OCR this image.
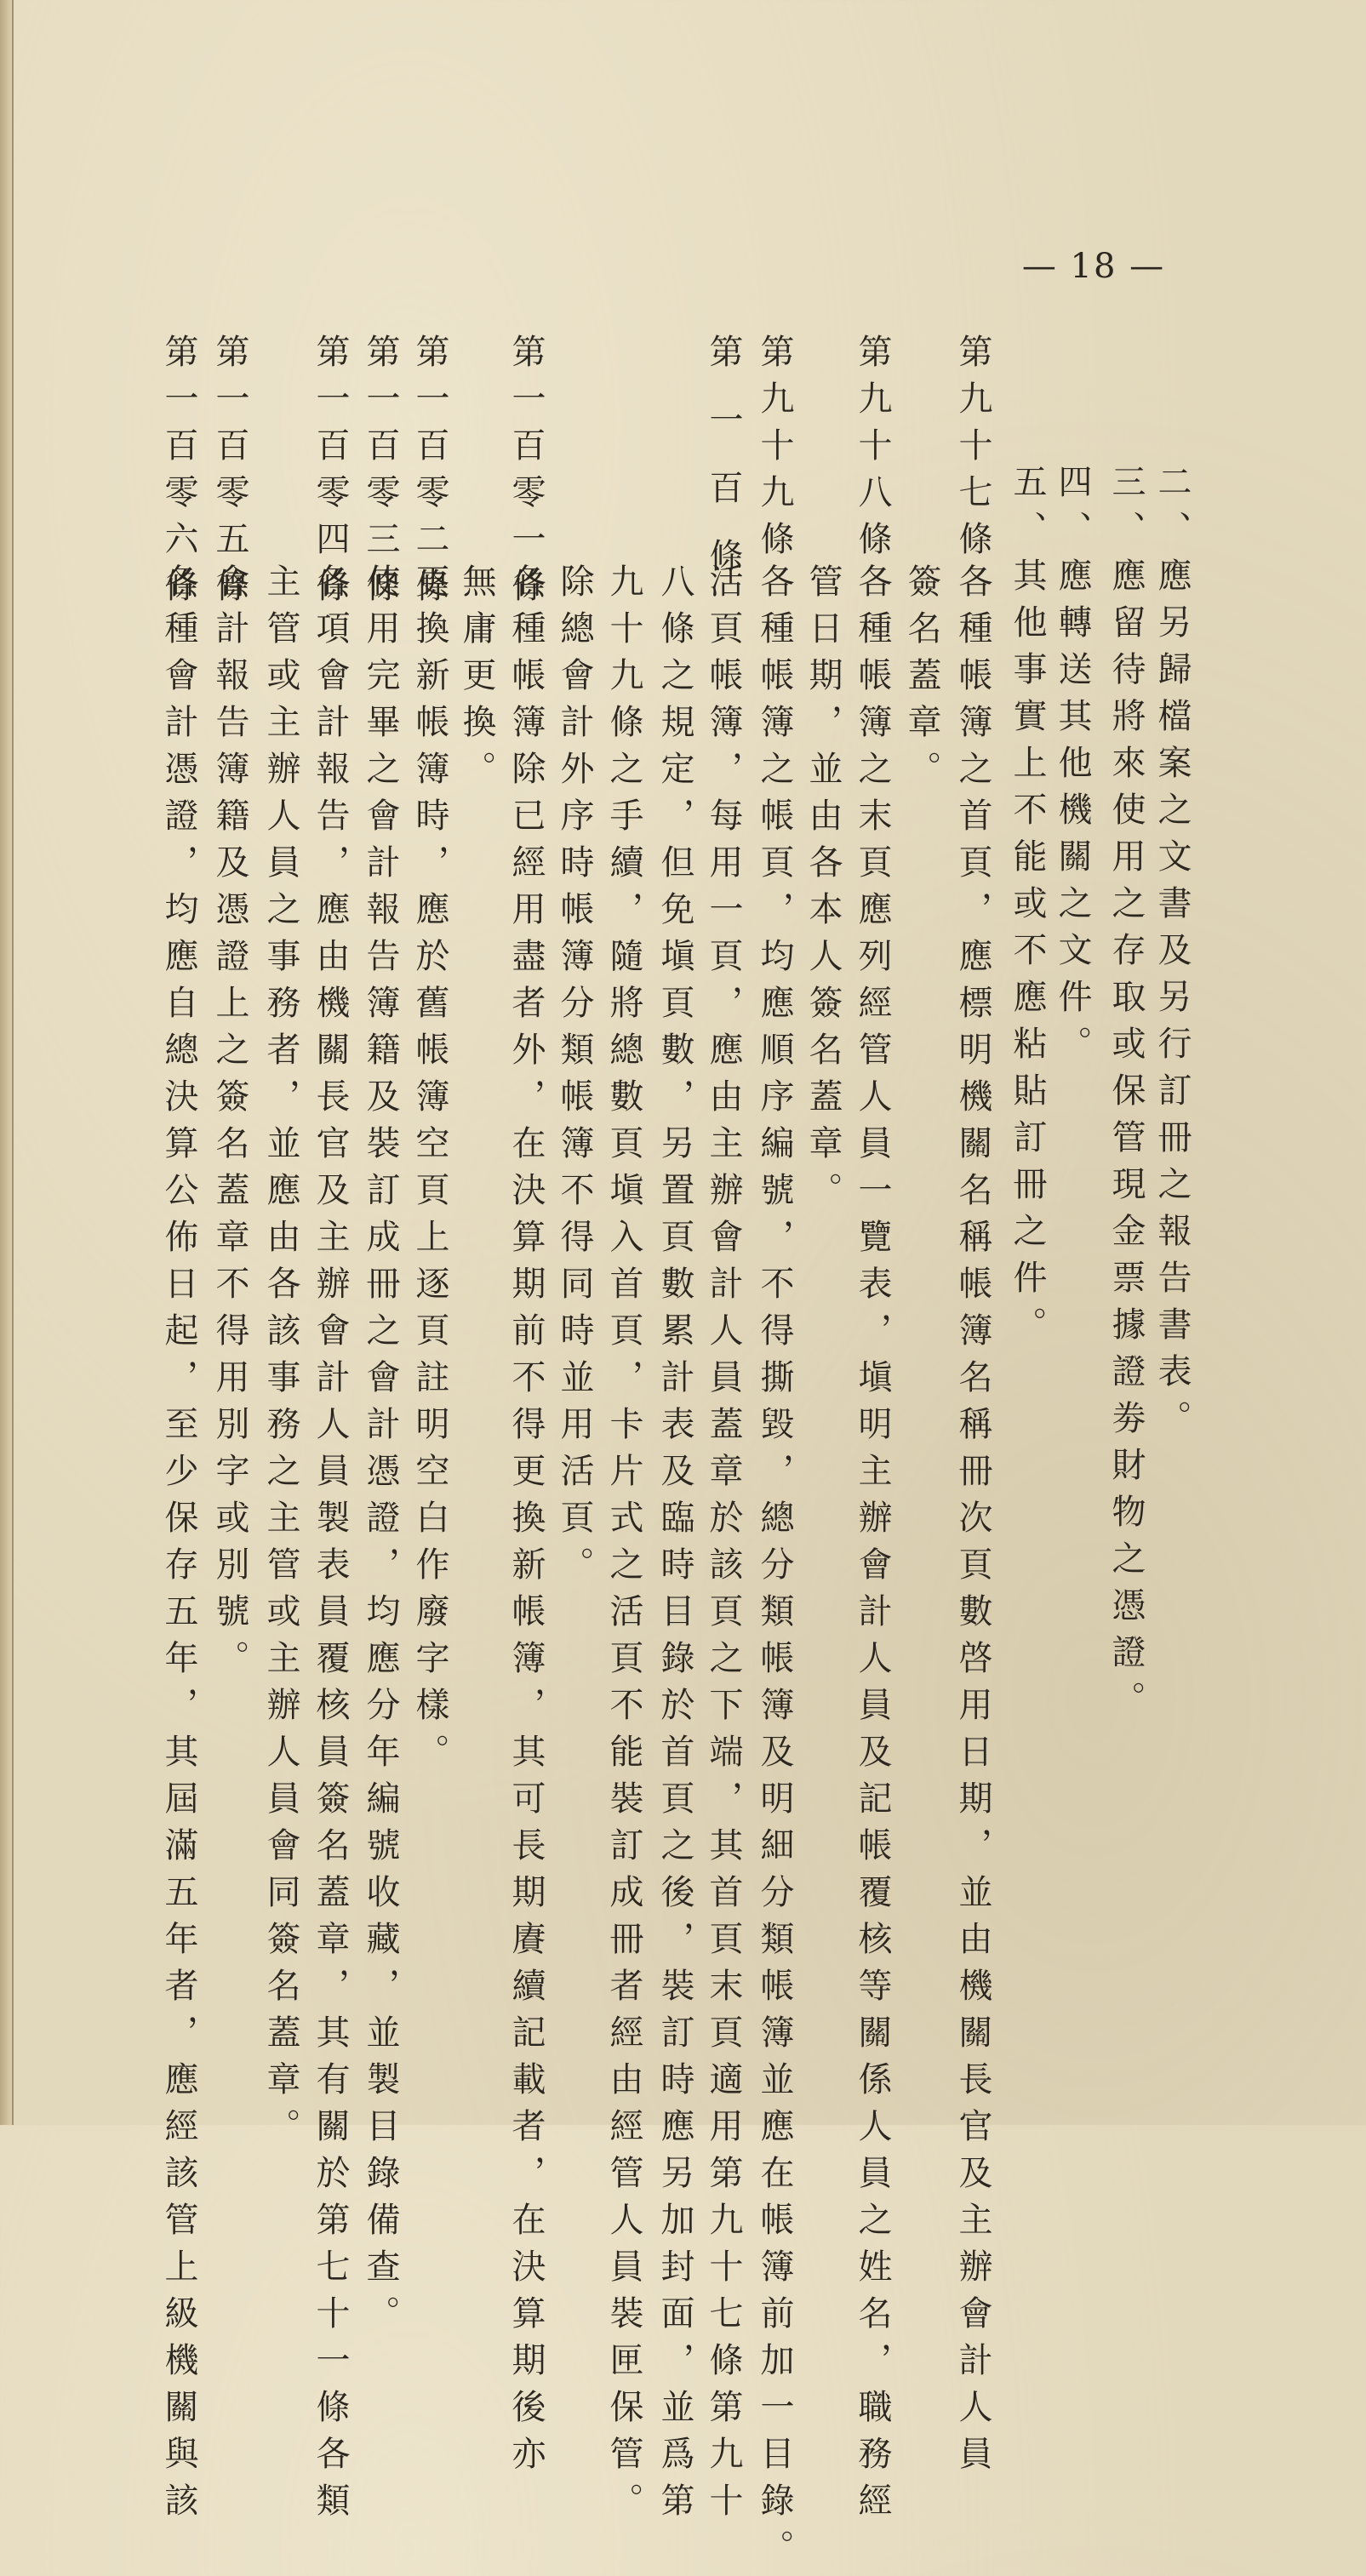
— 18 —
二、應另歸檔案之文書及另行訂冊之報告書表。
三、應留待將來使用之存取或保管現金票據證劵財物之憑證。
四、應轉送其他機關之文件。
五、其他事實上不能或不應粘貼訂冊之件。
第九十七條
各種帳簿之首頁，應標明機關名稱帳簿名稱冊次頁數啓用日期，並由機關長官及主辦會計人員
簽名蓋章。
第九十八條
各種帳簿之末頁應列經管人員一覽表，塡明主辦會計人員及記帳覆核等關係人員之姓名，職務經
管日期，並由各本人簽名蓋章。
第九十九條
各種帳簿之帳頁，均應順序編號，不得撕毀，總分類帳簿及明細分類帳簿並應在帳簿前加一目錄。
第一百條
活頁帳簿，每用一頁，應由主辦會計人員蓋章於該頁之下端，其首頁末頁適用第九十七條第九十
八條之規定，但免塡頁數，另置頁數累計表及臨時目錄於首頁之後，裝訂時應另加封面，並爲第
九十九條之手續，隨將總數頁塡入首頁，卡片式之活頁不能裝訂成冊者經由經管人員裝匣保管。
除總會計外序時帳簿分類帳簿不得同時並用活頁。
第一百零一條
各種帳簿除已經用盡者外，在決算期前不得更換新帳簿，其可長期賡續記載者，在決算期後亦
無庸更換。
第一百零二條
更換新帳簿時，應於舊帳簿空頁上逐頁註明空白作廢字樣。
第一百零三條
使用完畢之會計報告簿籍及裝訂成冊之會計憑證，均應分年編號收藏，並製目錄備查。
第一百零四條
各項會計報告，應由機關長官及主辦會計人員製表員覆核員簽名蓋章，其有關於第七十一條各類
主管或主辦人員之事務者，並應由各該事務之主管或主辦人員會同簽名蓋章。
第一百零五條
會計報告簿籍及憑證上之簽名蓋章不得用別字或別號。
第一百零六條
各種會計憑證，均應自總決算公佈日起，至少保存五年，其屆滿五年者，應經該管上級機關與該
